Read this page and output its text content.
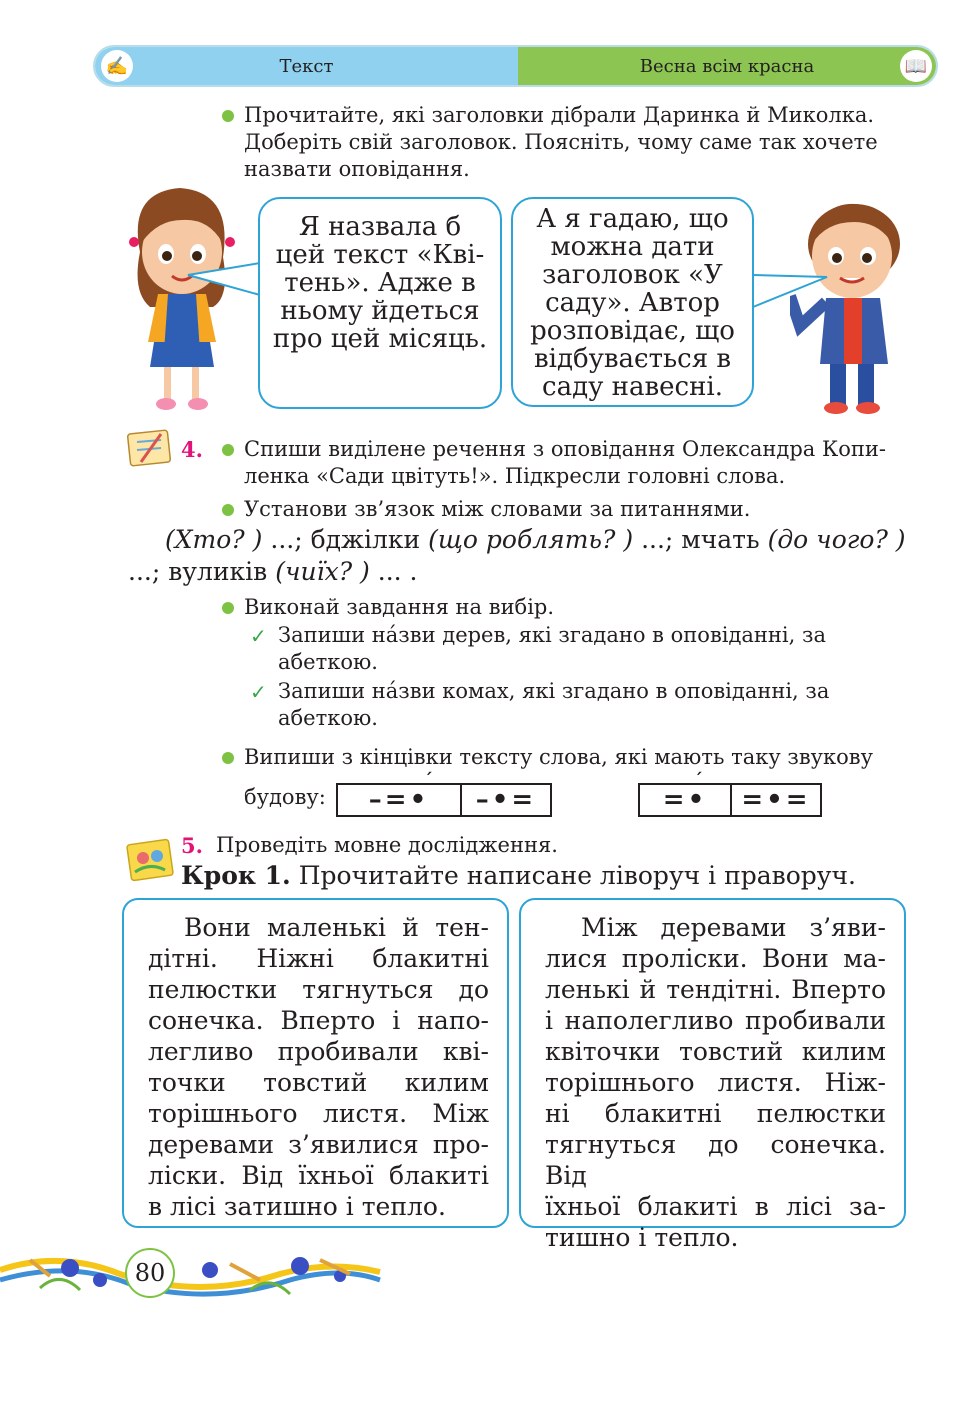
✍	Текст	Весна всім красна	📖
Прочитайте, які заголовки дібрали Даринка й Миколка.
Доберіть свій заголовок. Поясніть, чому саме так хочете
назвати оповідання.
Я назвала б
цей текст «Кві-
тень». Адже в
ньому йдеться
про цей місяць.
А я гадаю, що
можна дати
заголовок «У
саду». Автор
розповідає, що
відбувається в
саду навесні.
4. Спиши виділене речення з оповідання Олександра Копи-
ленка «Сади цвітуть!». Підкресли головні слова.
Установи зв’язок між словами за питаннями.
(Хто? ) ...; бджілки (що роблять? ) ...; мчать (до чого? )
...; вуликів (чиїх? ) ... .
Виконай завдання на вибір.
✓ Запиши на́зви дерев, які згадано в оповіданні, за
абеткою.
✓ Запиши на́зви комах, які згадано в оповіданні, за
абеткою.
Випиши з кінцівки тексту слова, які мають таку звукову
будову:	–=•	–•=
´
=•	=•=
´
5. Проведіть мовне дослідження.
Крок 1. Прочитайте написане ліворуч і праворуч.
Вони маленькі й тен-
дітні. Ніжні блакитні
пелюстки тягнуться до
сонечка. Вперто і напо-
легливо пробивали кві-
точки товстий килим
торішнього листя. Між
деревами з’явилися про-
ліски. Від їхньої блакиті
в лісі затишно і тепло.
Між деревами з’яви-
лися проліски. Вони ма-
ленькі й тендітні. Вперто
і наполегливо пробивали
квіточки товстий килим
торішнього листя. Ніж-
ні блакитні пелюстки
тягнуться до сонечка. Від
їхньої блакиті в лісі за-
тишно і тепло.
80
